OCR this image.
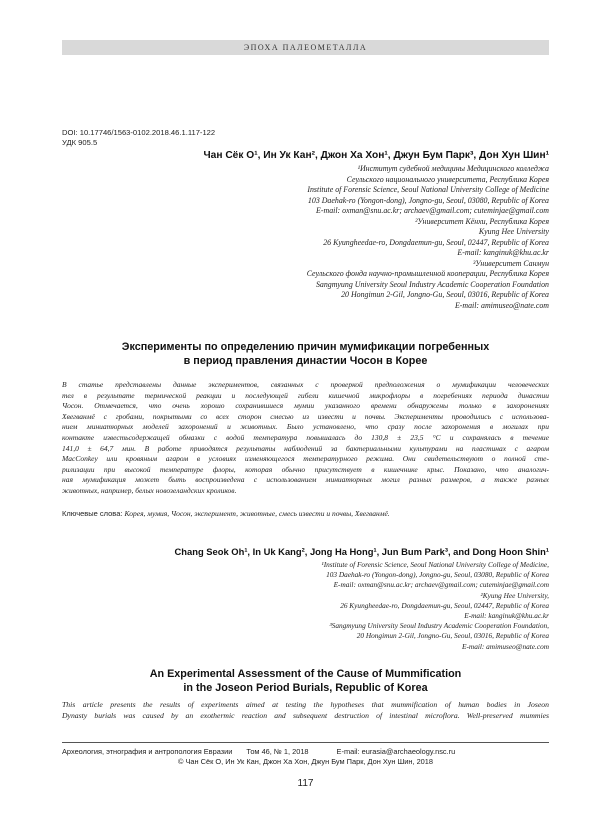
ЭПОХА ПАЛЕОМЕТАЛЛА
DOI: 10.17746/1563-0102.2018.46.1.117-122
УДК 905.5
Чан Сёк О¹, Ин Ук Кан², Джон Ха Хон¹, Джун Бум Парк³, Дон Хун Шин¹
¹Институт судебной медицины Медицинского колледжа
Сеульского национального университета, Республика Корея
Institute of Forensic Science, Seoul National University College of Medicine
103 Daehak-ro (Yongon-dong), Jongno-gu, Seoul, 03080, Republic of Korea
E-mail: oxman@snu.ac.kr; archaev@gmail.com; cuteminjae@gmail.com
²Университет Кёнхи, Республика Корея
Kyung Hee University
26 Kyungheedae-ro, Dongdaemun-gu, Seoul, 02447, Republic of Korea
E-mail: kanginuk@khu.ac.kr
³Университет Санмун
Сеульского фонда научно-промышленной кооперации, Республика Корея
Sangmyung University Seoul Industry Academic Cooperation Foundation
20 Hongimun 2-Gil, Jongno-Gu, Seoul, 03016, Republic of Korea
E-mail: amimuseo@nate.com
Эксперименты по определению причин мумификации погребенных
в период правления династии Чосон в Корее
В статье представлены данные экспериментов, связанных с проверкой предположения о мумификации человеческих
тел в результате термической реакции и последующей гибели кишечной микрофлоры в погребениях периода династии
Чосон. Отмечается, что очень хорошо сохранившиеся мумии указанного времени обнаружены только в захоронениях
Хвегванмё с гробами, покрытыми со всех сторон смесью из извести и почвы. Эксперименты проводились с использова-
нием миниатюрных моделей захоронений и животных. Было установлено, что сразу после захоронения в могилах при
контакте известьсодержащей обмазки с водой температура повышалась до 130,8 ± 23,5 °С и сохранялась в течение
141,0 ± 64,7 мин. В работе приводятся результаты наблюдений за бактериальными культурами на пластинах с агаром
MacConkey или кровяным агаром в условиях изменяющегося температурного режима. Они свидетельствуют о полной сте-
рилизации при высокой температуре флоры, которая обычно присутствует в кишечнике крыс. Показано, что аналогич-
ная мумификация может быть воспроизведена с использованием миниатюрных могил разных размеров, а также разных
животных, например, белых новозеландских кроликов.
Ключевые слова: Корея, мумия, Чосон, эксперимент, животные, смесь извести и почвы, Хвегванмё.
Chang Seok Oh¹, In Uk Kang², Jong Ha Hong¹, Jun Bum Park³, and Dong Hoon Shin¹
¹Institute of Forensic Science, Seoul National University College of Medicine,
103 Daehak-ro (Yongon-dong), Jongno-gu, Seoul, 03080, Republic of Korea
E-mail: oxman@snu.ac.kr; archaev@gmail.com; cuteminjae@gmail.com
²Kyung Hee University,
26 Kyungheedae-ro, Dongdaemun-gu, Seoul, 02447, Republic of Korea
E-mail: kanginuk@khu.ac.kr
³Sangmyung University Seoul Industry Academic Cooperation Foundation,
20 Hongimun 2-Gil, Jongno-Gu, Seoul, 03016, Republic of Korea
E-mail: amimuseo@nate.com
An Experimental Assessment of the Cause of Mummification
in the Joseon Period Burials, Republic of Korea
This article presents the results of experiments aimed at testing the hypotheses that mummification of human bodies in Joseon
Dynasty burials was caused by an exothermic reaction and subsequent destruction of intestinal microflora. Well-preserved mummies
Археология, этнография и антропология Евразии Том 46, № 1, 2018	E-mail: eurasia@archaeology.nsc.ru
© Чан Сёк О, Ин Ук Кан, Джон Ха Хон, Джун Бум Парк, Дон Хун Шин, 2018
117
